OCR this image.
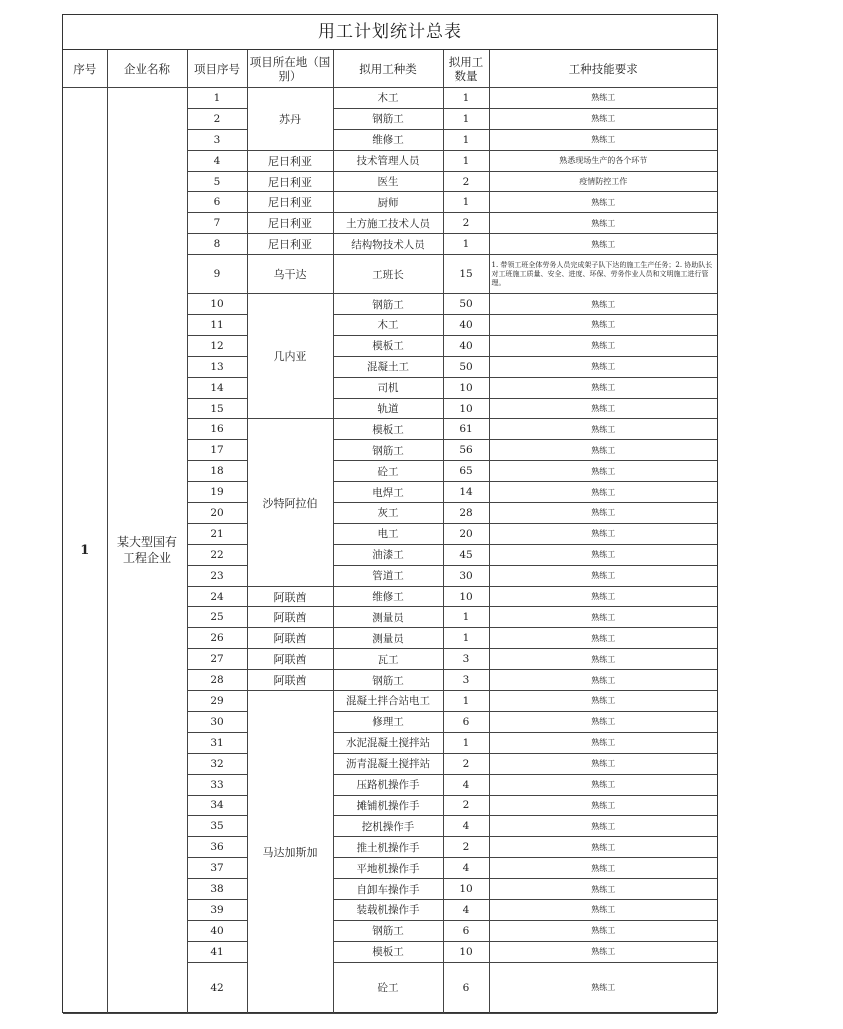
用工计划统计总表
序号	企业名称	项目序号	项目所在地（国别）	拟用工种类	拟用工数量	工种技能要求
1	某大型国有工程企业	1	苏丹	木工	1	熟练工
		2		钢筋工	1	熟练工
		3		维修工	1	熟练工
		4	尼日利亚	技术管理人员	1	熟悉现场生产的各个环节
		5	尼日利亚	医生	2	疫情防控工作
		6	尼日利亚	厨师	1	熟练工
		7	尼日利亚	土方施工技术人员	2	熟练工
		8	尼日利亚	结构物技术人员	1	熟练工
		9	乌干达	工班长	15	1. 带领工班全体劳务人员完成架子队下达的施工生产任务；2. 协助队长对工班施工质量、安全、进度、环保、劳务作业人员和文明施工进行管理。
		10	几内亚	钢筋工	50	熟练工
		11		木工	40	熟练工
		12		模板工	40	熟练工
		13		混凝土工	50	熟练工
		14		司机	10	熟练工
		15		轨道	10	熟练工
		16	沙特阿拉伯	模板工	61	熟练工
		17		钢筋工	56	熟练工
		18		砼工	65	熟练工
		19		电焊工	14	熟练工
		20		灰工	28	熟练工
		21		电工	20	熟练工
		22		油漆工	45	熟练工
		23		管道工	30	熟练工
		24	阿联酋	维修工	10	熟练工
		25	阿联酋	测量员	1	熟练工
		26	阿联酋	测量员	1	熟练工
		27	阿联酋	瓦工	3	熟练工
		28	阿联酋	钢筋工	3	熟练工
		29	马达加斯加	混凝土拌合站电工	1	熟练工
		30		修理工	6	熟练工
		31		水泥混凝土搅拌站	1	熟练工
		32		沥青混凝土搅拌站	2	熟练工
		33		压路机操作手	4	熟练工
		34		摊铺机操作手	2	熟练工
		35		挖机操作手	4	熟练工
		36		推土机操作手	2	熟练工
		37		平地机操作手	4	熟练工
		38		自卸车操作手	10	熟练工
		39		装载机操作手	4	熟练工
		40		钢筋工	6	熟练工
		41		模板工	10	熟练工
		42		砼工	6	熟练工
